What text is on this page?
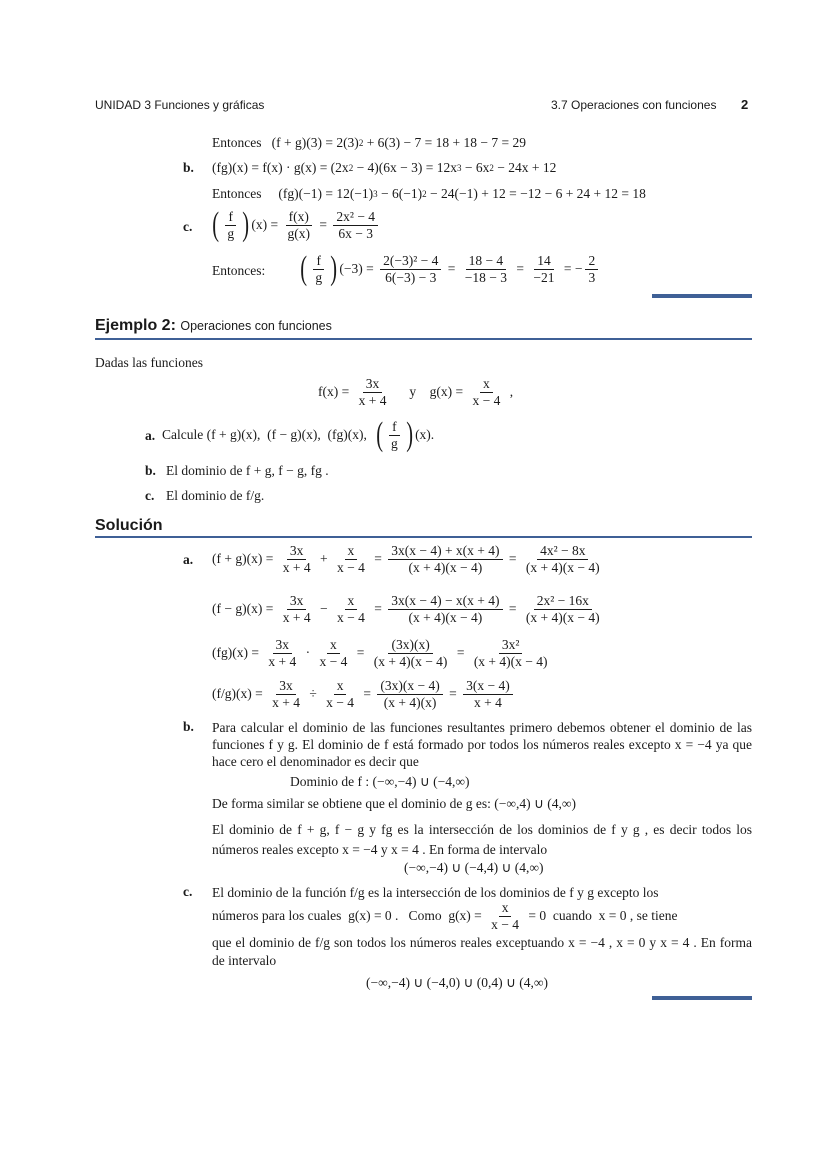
UNIDAD 3 Funciones y gráficas	3.7 Operaciones con funciones 2
Entonces   (f + g)(3) = 2(3) 2 + 6(3) − 7 = 18 + 18 − 7 = 29
b. (fg)(x) = f(x) · g(x) = (2x 2 − 4)(6x − 3) = 12x 3 − 6x 2 − 24x + 12
Entonces     (fg)(−1) = 12(−1) 3 − 6(−1) 2 − 24(−1) + 12 = −12 − 6 + 24 + 12 = 18
c. ( $\frac{f}{g}$ ) $(x) = \frac{f(x)}{g(x)} = \frac{\text{2x² − 4}}{6x - 3}$
Entonces: ( $\frac{f}{g}$ ) $(-3) = \frac{\text{2(−3)² − 4}}{6(-3) - 3} = \frac{18 - 4}{-18 - 3} = \frac{14}{-21}$ = − $\frac{2}{3}$
Ejemplo 2: Operaciones con funciones
Dadas las funciones
$f(x) = \frac{3x}{x + 4}$ y    $g(x) = \frac{x}{x - 4}$ ,
a. Calcule (f + g)(x),  (f − g)(x),  (fg)(x), ( $\frac{f}{g}$ ) (x).
b. El dominio de f + g, f − g, fg .
c. El dominio de f/g.
Solución
a. $(f + g)(x) = \frac{3x}{x + 4} + \frac{x}{x - 4} = \frac{3x(x - 4) + x(x + 4)}{(x + 4)(x - 4)} = \frac{\text{4x² − 8x}}{(x + 4)(x - 4)}$
$(f - g)(x) = \frac{3x}{x + 4} - \frac{x}{x - 4} = \frac{3x(x - 4) - x(x + 4)}{(x + 4)(x - 4)} = \frac{\text{2x² − 16x}}{(x + 4)(x - 4)}$
$(fg)(x) = \frac{3x}{x + 4} \cdot \frac{x}{x - 4} = \frac{(3x)(x)}{(x + 4)(x - 4)} = \frac{\text{3x²}}{(x + 4)(x - 4)}$
$(f/g)(x) = \frac{3x}{x + 4} \div \frac{x}{x - 4} = \frac{(3x)(x - 4)}{(x + 4)(x)} = \frac{3(x - 4)}{x + 4}$
b. Para calcular el dominio de las funciones resultantes primero debemos obtener el dominio de las funciones f y g. El dominio de f está formado por todos los números reales excepto x = −4 ya que hace cero el denominador es decir que
Dominio de f : (−∞,−4) ∪ (−4,∞)
De forma similar se obtiene que el dominio de g es: (−∞,4) ∪ (4,∞)
El dominio de f + g, f − g y fg es la intersección de los dominios de f y g , es decir todos los números reales excepto x = −4 y x = 4 . En forma de intervalo
(−∞,−4) ∪ (−4,4) ∪ (4,∞)
c. El dominio de la función f/g es la intersección de los dominios de f y g excepto los
números para los cuales  g(x) = 0 .   Como  $g(x) = \frac{x}{x - 4} = 0$  cuando  x = 0 , se tiene
que el dominio de f/g son todos los números reales exceptuando x = −4 , x = 0 y x = 4 . En forma de intervalo
(−∞,−4) ∪ (−4,0) ∪ (0,4) ∪ (4,∞)
